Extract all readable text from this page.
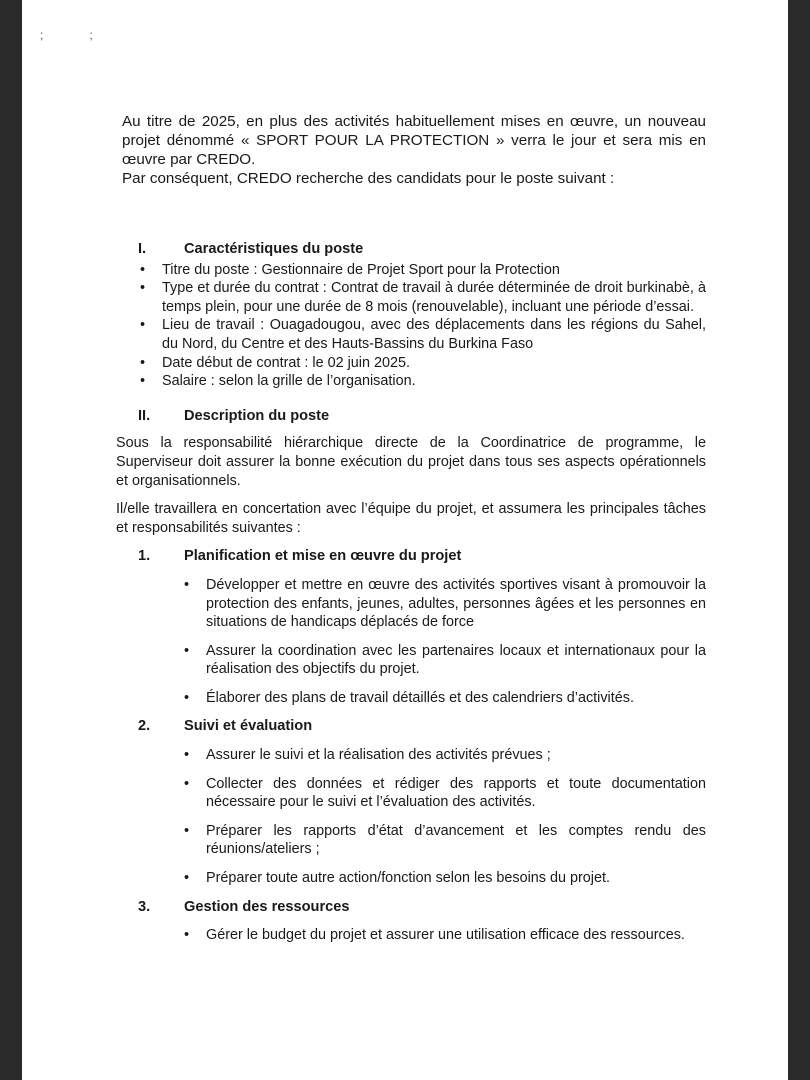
;	;

Au titre de 2025, en plus des activités habituellement mises en œuvre, un nouveau projet dénommé « SPORT POUR LA PROTECTION » verra le jour et sera mis en œuvre par CREDO.

Par conséquent, CREDO recherche des candidats pour le poste suivant :

I.	Caractéristiques du poste
• Titre du poste : Gestionnaire de Projet Sport pour la Protection
• Type et durée du contrat : Contrat de travail à durée déterminée de droit burkinabè, à temps plein, pour une durée de 8 mois (renouvelable), incluant une période d’essai.
• Lieu de travail : Ouagadougou, avec des déplacements dans les régions du Sahel, du Nord, du Centre et des Hauts-Bassins du Burkina Faso
• Date début de contrat : le 02 juin 2025.
• Salaire : selon la grille de l’organisation.
II.	Description du poste

Sous la responsabilité hiérarchique directe de la Coordinatrice de programme, le Superviseur doit assurer la bonne exécution du projet dans tous ses aspects opérationnels et organisationnels.

Il/elle travaillera en concertation avec l’équipe du projet, et assumera les principales tâches et responsabilités suivantes :

1.	Planification et mise en œuvre du projet
• Développer et mettre en œuvre des activités sportives visant à promouvoir la protection des enfants, jeunes, adultes, personnes âgées et les personnes en situations de handicaps déplacés de force
• Assurer la coordination avec les partenaires locaux et internationaux pour la réalisation des objectifs du projet.
• Élaborer des plans de travail détaillés et des calendriers d’activités.
2.	Suivi et évaluation
• Assurer le suivi et la réalisation des activités prévues ;
• Collecter des données et rédiger des rapports et toute documentation nécessaire pour le suivi et l’évaluation des activités.
• Préparer les rapports d’état d’avancement et les comptes rendu des réunions/ateliers ;
• Préparer toute autre action/fonction selon les besoins du projet.
3.	Gestion des ressources
• Gérer le budget du projet et assurer une utilisation efficace des ressources.
